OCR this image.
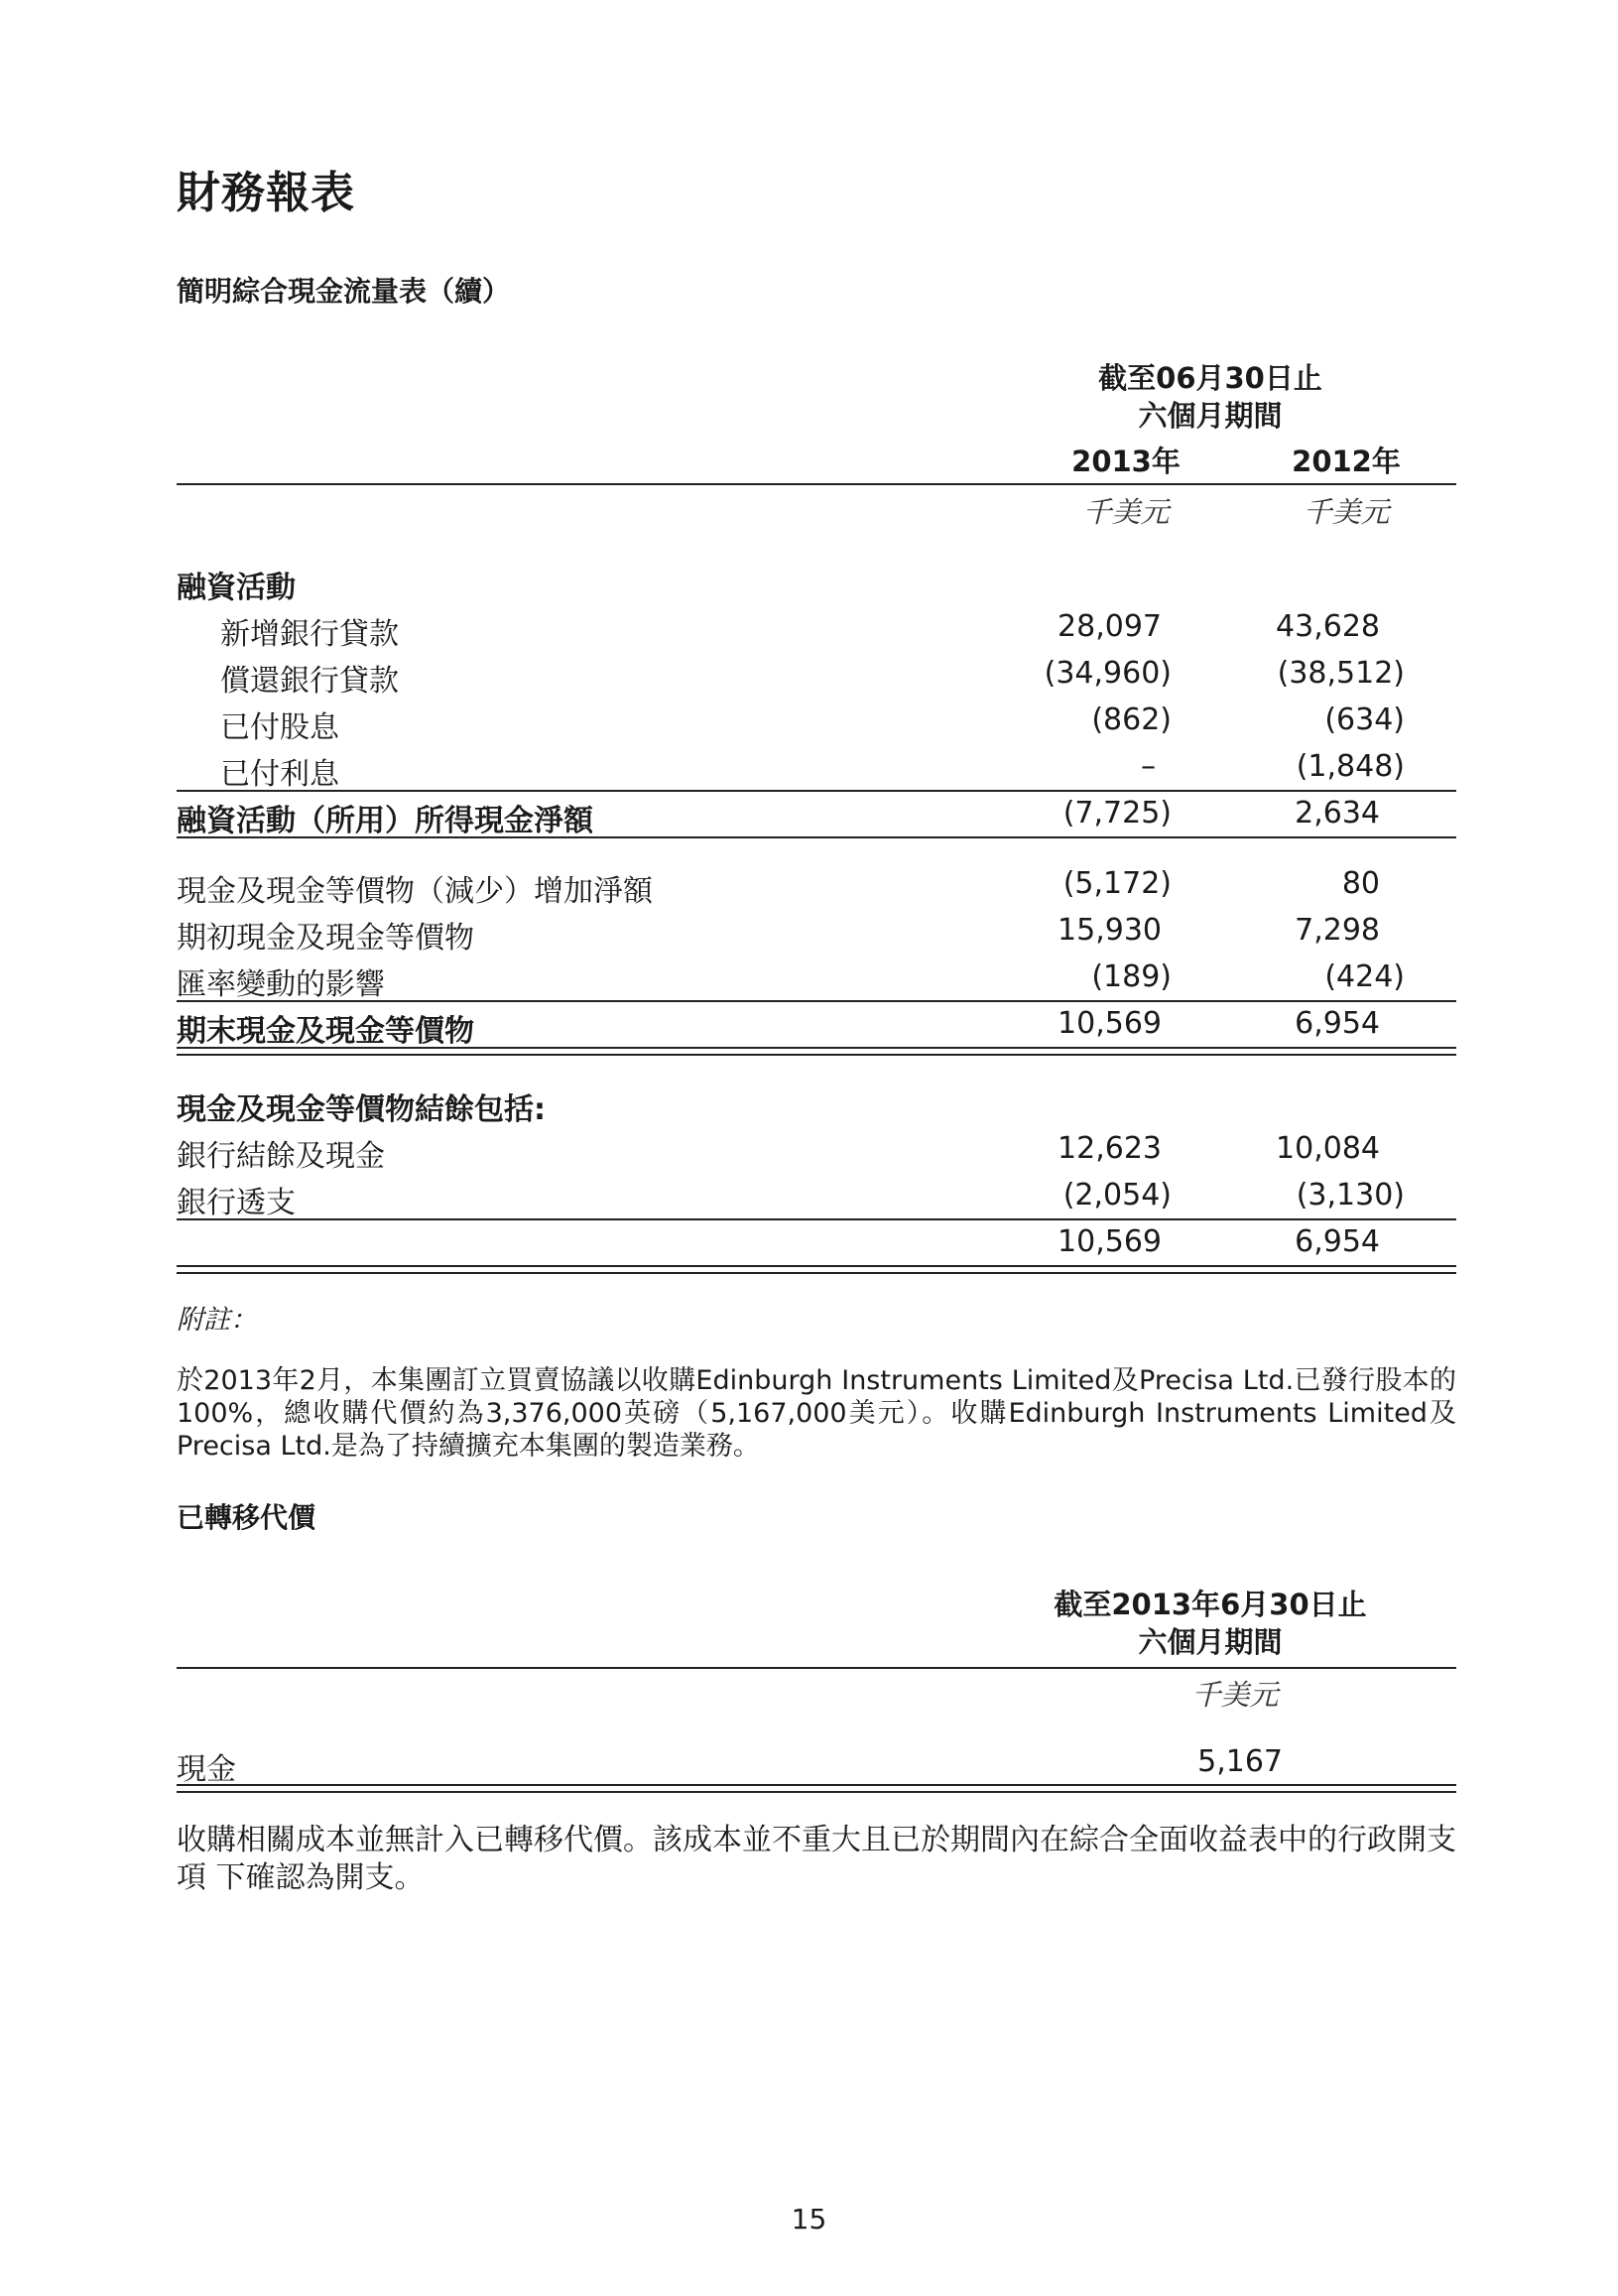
財務報表
簡明綜合現金流量表（續）
截至06月30日止
六個月期間
2013年	2012年
千美元	千美元
融資活動
新增銀行貸款	28,097	43,628
償還銀行貸款	(34,960)	(38,512)
已付股息	(862)	(634)
已付利息	–	(1,848)
融資活動（所用）所得現金淨額	(7,725)	2,634
現金及現金等價物（減少）增加淨額	(5,172)	80
期初現金及現金等價物	15,930	7,298
匯率變動的影響	(189)	(424)
期末現金及現金等價物	10,569	6,954
現金及現金等價物結餘包括:
銀行結餘及現金	12,623	10,084
銀行透支	(2,054)	(3,130)
10,569	6,954
附註：
於2013年2月，本集團訂立買賣協議以收購Edinburgh Instruments Limited及Precisa Ltd.已發行股本的100%，總收購代價約為3,376,000英磅（5,167,000美元）。收購Edinburgh Instruments Limited及Precisa Ltd.是為了持續擴充本集團的製造業務。
已轉移代價
截至2013年6月30日止
六個月期間
千美元
現金	5,167
收購相關成本並無計入已轉移代價。該成本並不重大且已於期間內在綜合全面收益表中的行政開支項 下確認為開支。
15
